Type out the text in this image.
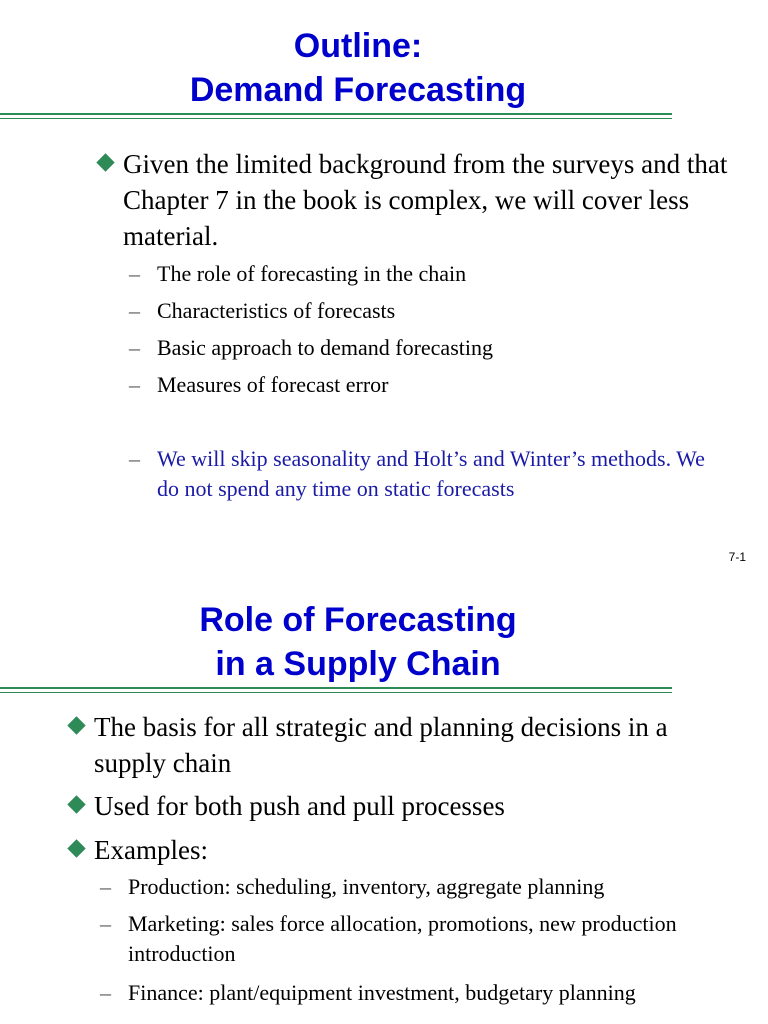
Outline:
Demand Forecasting
Given the limited background from the surveys and that Chapter 7 in the book is complex, we will cover less material.
– The role of forecasting in the chain
– Characteristics of forecasts
– Basic approach to demand forecasting
– Measures of forecast error
– We will skip seasonality and Holt’s and Winter’s methods. We do not spend any time on static forecasts
7-1
Role of Forecasting
in a Supply Chain
The basis for all strategic and planning decisions in a supply chain
Used for both push and pull processes
Examples:
– Production: scheduling, inventory, aggregate planning
– Marketing: sales force allocation, promotions, new production introduction
– Finance: plant/equipment investment, budgetary planning
